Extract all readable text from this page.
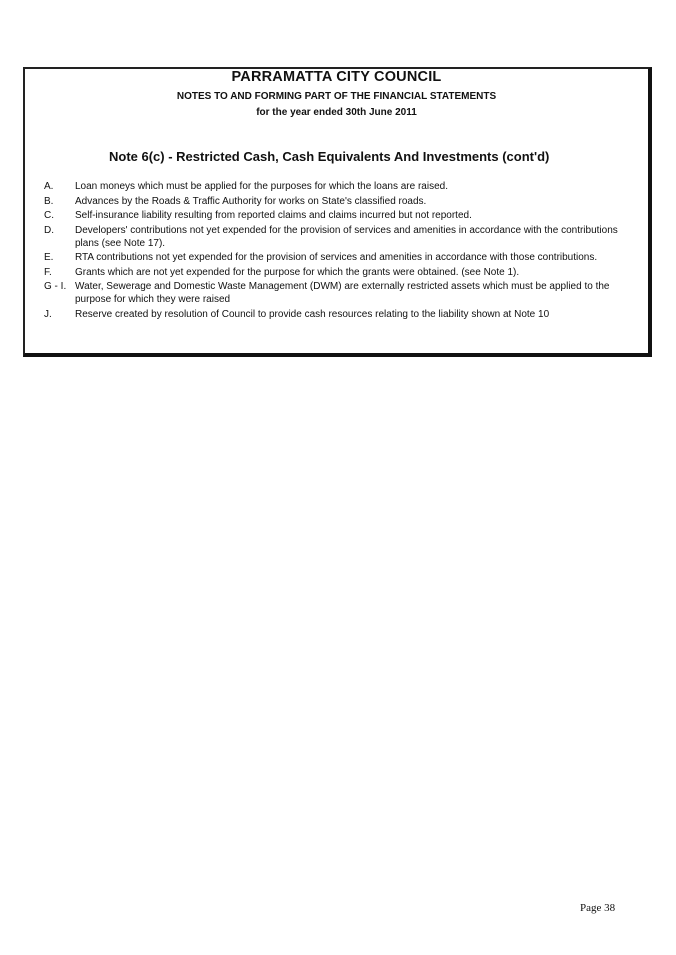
PARRAMATTA CITY COUNCIL
NOTES TO AND FORMING PART OF THE FINANCIAL STATEMENTS
for the year ended 30th June 2011
Note 6(c) - Restricted Cash, Cash Equivalents And Investments (cont'd)
A.	Loan moneys which must be applied for the purposes for which the loans are raised.
B.	Advances by the Roads & Traffic Authority for works on State's classified roads.
C.	Self-insurance liability resulting from reported claims and claims incurred but not reported.
D.	Developers' contributions not yet expended for the provision of services and amenities in accordance with the contributions plans (see Note 17).
E.	RTA contributions not yet expended for the provision of services and amenities in accordance with those contributions.
F.	Grants which are not yet expended for the purpose for which the grants were obtained. (see Note 1).
G - I. Water, Sewerage and Domestic Waste Management (DWM) are externally restricted assets which must be applied to the purpose for which they were raised
J.	Reserve created by resolution of Council to provide cash resources relating to the liability shown at Note 10
Page 38
